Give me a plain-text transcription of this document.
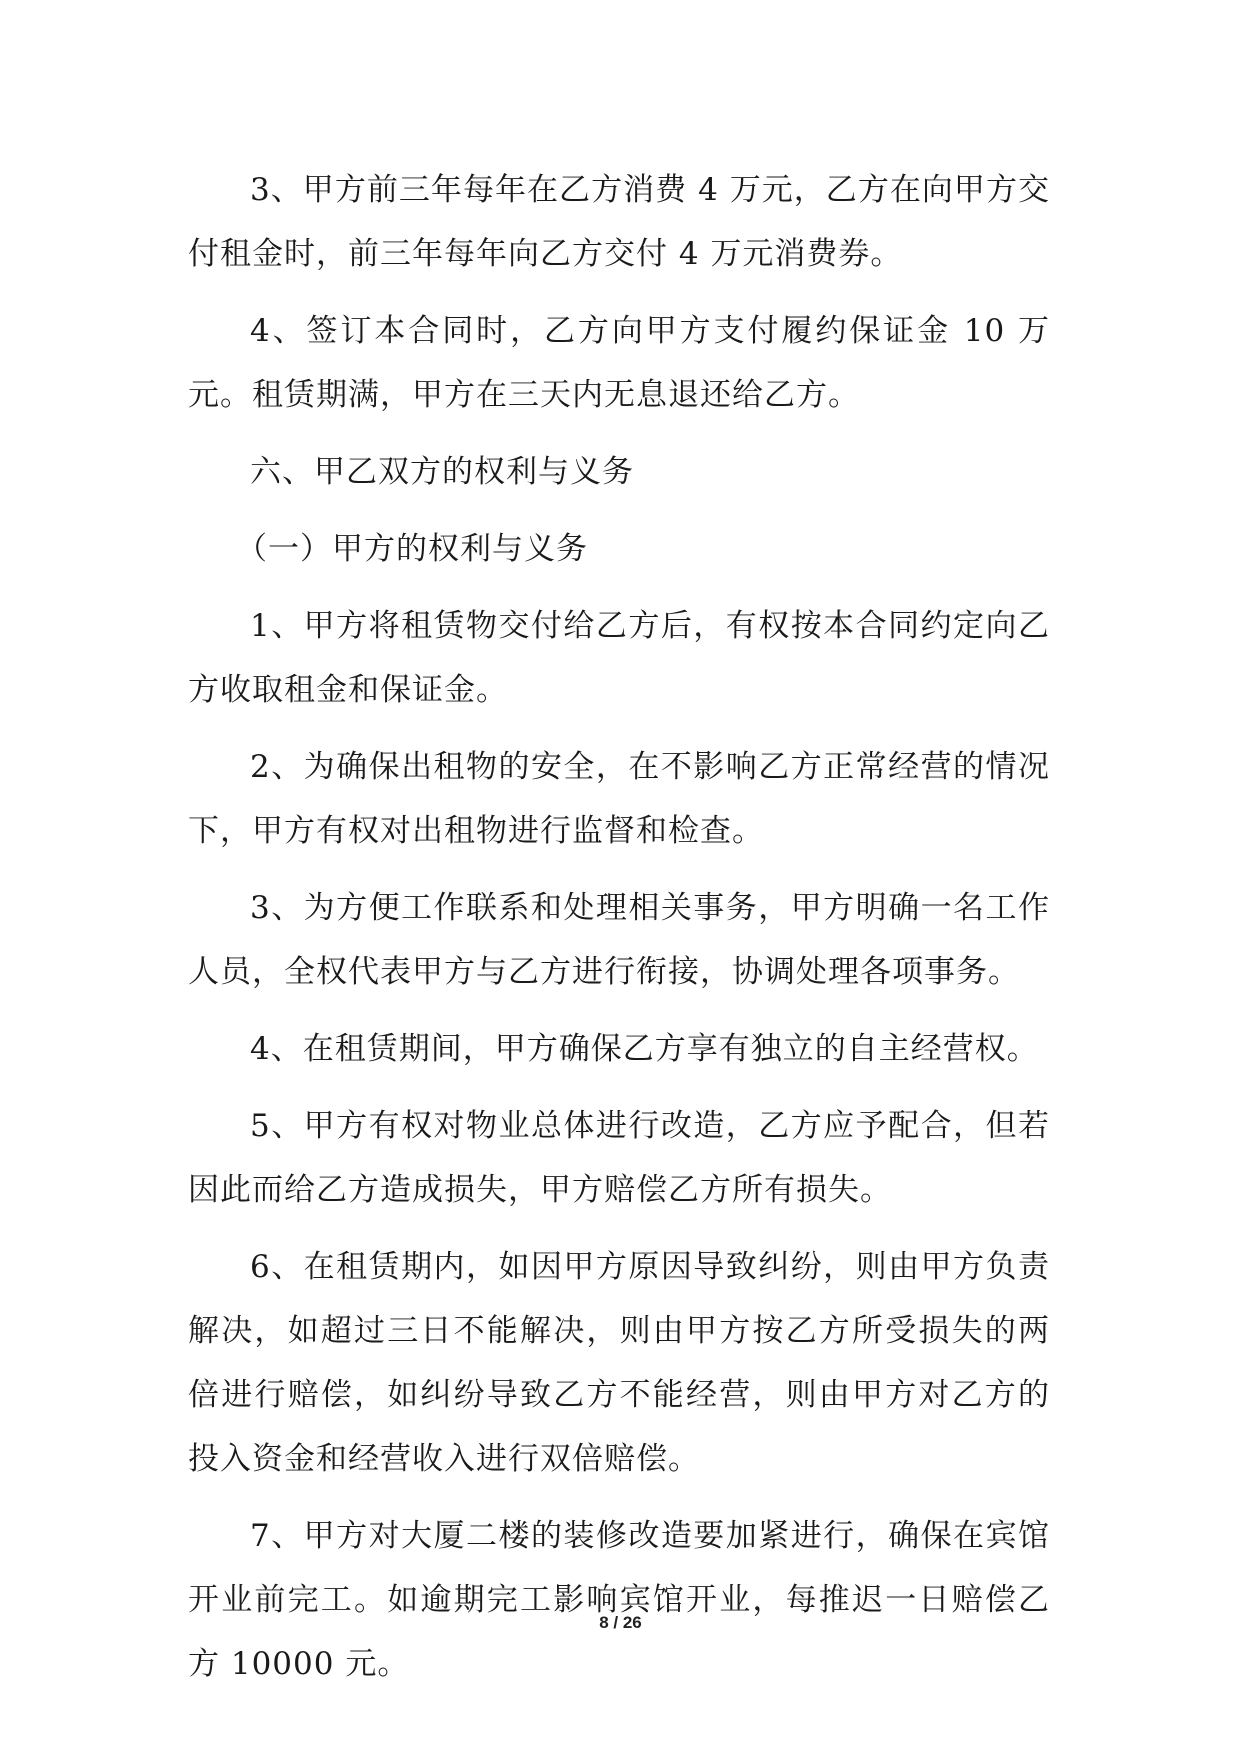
3、甲方前三年每年在乙方消费 4 万元，乙方在向甲方交付租金时，前三年每年向乙方交付 4 万元消费券。

4、签订本合同时，乙方向甲方支付履约保证金 10 万元。租赁期满，甲方在三天内无息退还给乙方。

六、甲乙双方的权利与义务

（一）甲方的权利与义务

1、甲方将租赁物交付给乙方后，有权按本合同约定向乙方收取租金和保证金。

2、为确保出租物的安全，在不影响乙方正常经营的情况下，甲方有权对出租物进行监督和检查。

3、为方便工作联系和处理相关事务，甲方明确一名工作人员，全权代表甲方与乙方进行衔接，协调处理各项事务。

4、在租赁期间，甲方确保乙方享有独立的自主经营权。

5、甲方有权对物业总体进行改造，乙方应予配合，但若因此而给乙方造成损失，甲方赔偿乙方所有损失。

6、在租赁期内，如因甲方原因导致纠纷，则由甲方负责解决，如超过三日不能解决，则由甲方按乙方所受损失的两倍进行赔偿，如纠纷导致乙方不能经营，则由甲方对乙方的投入资金和经营收入进行双倍赔偿。

7、甲方对大厦二楼的装修改造要加紧进行，确保在宾馆开业前完工。如逾期完工影响宾馆开业，每推迟一日赔偿乙方 10000 元。

8 / 26
